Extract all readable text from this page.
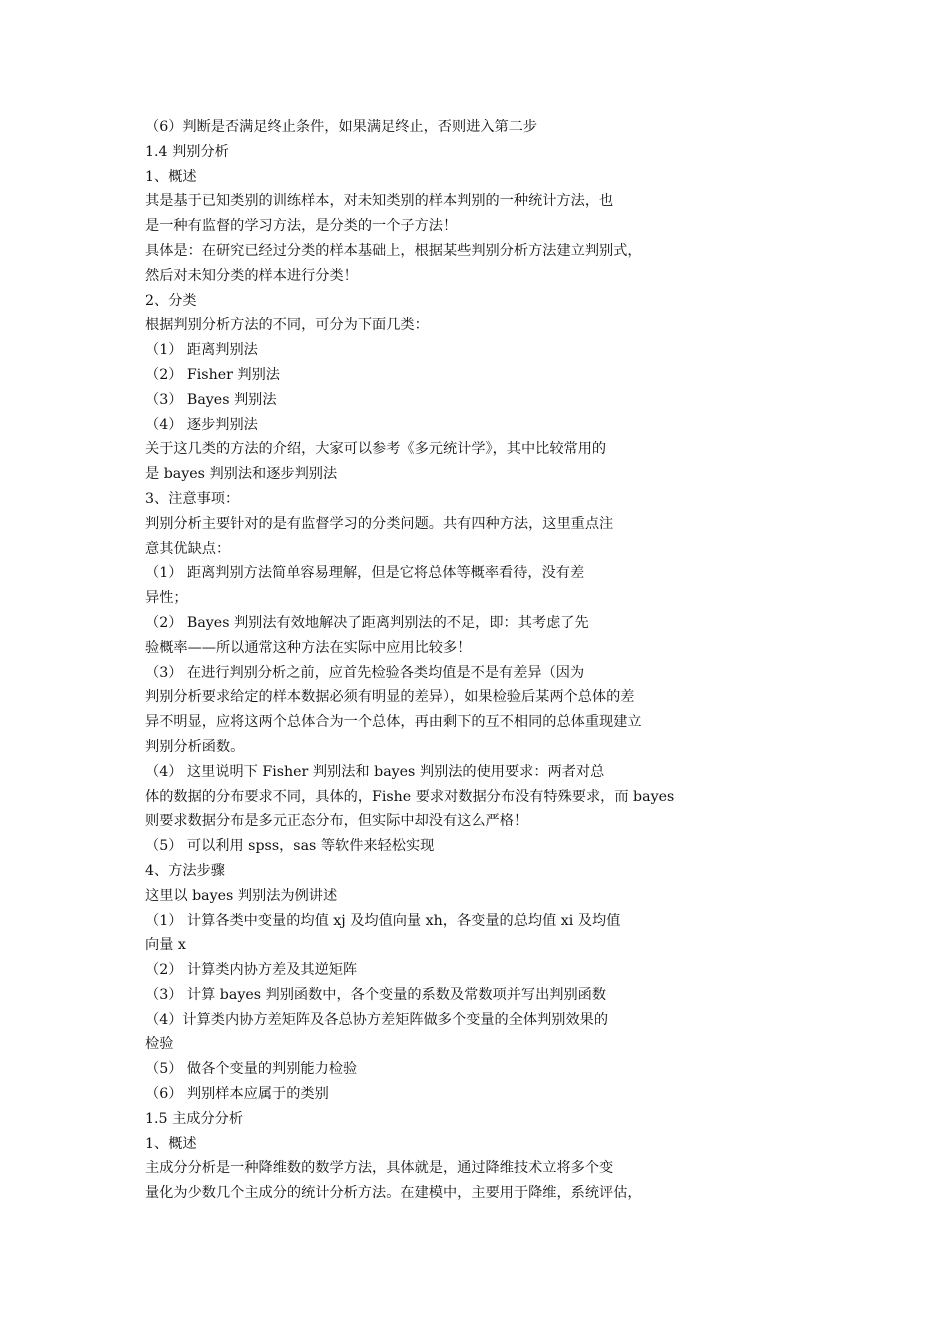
（6）判断是否满足终止条件，如果满足终止，否则进入第二步
1.4 判别分析
1、概述
其是基于已知类别的训练样本，对未知类别的样本判别的一种统计方法，也
是一种有监督的学习方法，是分类的一个子方法！
具体是：在研究已经过分类的样本基础上，根据某些判别分析方法建立判别式，
然后对未知分类的样本进行分类！
2、分类
根据判别分析方法的不同，可分为下面几类：
（1） 距离判别法
（2） Fisher 判别法
（3） Bayes 判别法
（4） 逐步判别法
关于这几类的方法的介绍，大家可以参考《多元统计学》，其中比较常用的
是 bayes 判别法和逐步判别法
3、注意事项：
判别分析主要针对的是有监督学习的分类问题。共有四种方法，这里重点注
意其优缺点：
（1） 距离判别方法简单容易理解，但是它将总体等概率看待，没有差
异性；
（2） Bayes 判别法有效地解决了距离判别法的不足，即：其考虑了先
验概率——所以通常这种方法在实际中应用比较多！
（3） 在进行判别分析之前，应首先检验各类均值是不是有差异（因为
判别分析要求给定的样本数据必须有明显的差异），如果检验后某两个总体的差
异不明显，应将这两个总体合为一个总体，再由剩下的互不相同的总体重现建立
判别分析函数。
（4） 这里说明下 Fisher 判别法和 bayes 判别法的使用要求：两者对总
体的数据的分布要求不同，具体的，Fishe 要求对数据分布没有特殊要求，而 bayes
则要求数据分布是多元正态分布，但实际中却没有这么严格！
（5） 可以利用 spss，sas 等软件来轻松实现
4、方法步骤
这里以 bayes 判别法为例讲述
（1） 计算各类中变量的均值 xj 及均值向量 xh，各变量的总均值 xi 及均值
向量 x
（2） 计算类内协方差及其逆矩阵
（3） 计算 bayes 判别函数中，各个变量的系数及常数项并写出判别函数
（4）计算类内协方差矩阵及各总协方差矩阵做多个变量的全体判别效果的
检验
（5） 做各个变量的判别能力检验
（6） 判别样本应属于的类别
1.5 主成分分析
1、概述
主成分分析是一种降维数的数学方法，具体就是，通过降维技术立将多个变
量化为少数几个主成分的统计分析方法。在建模中，主要用于降维，系统评估，
